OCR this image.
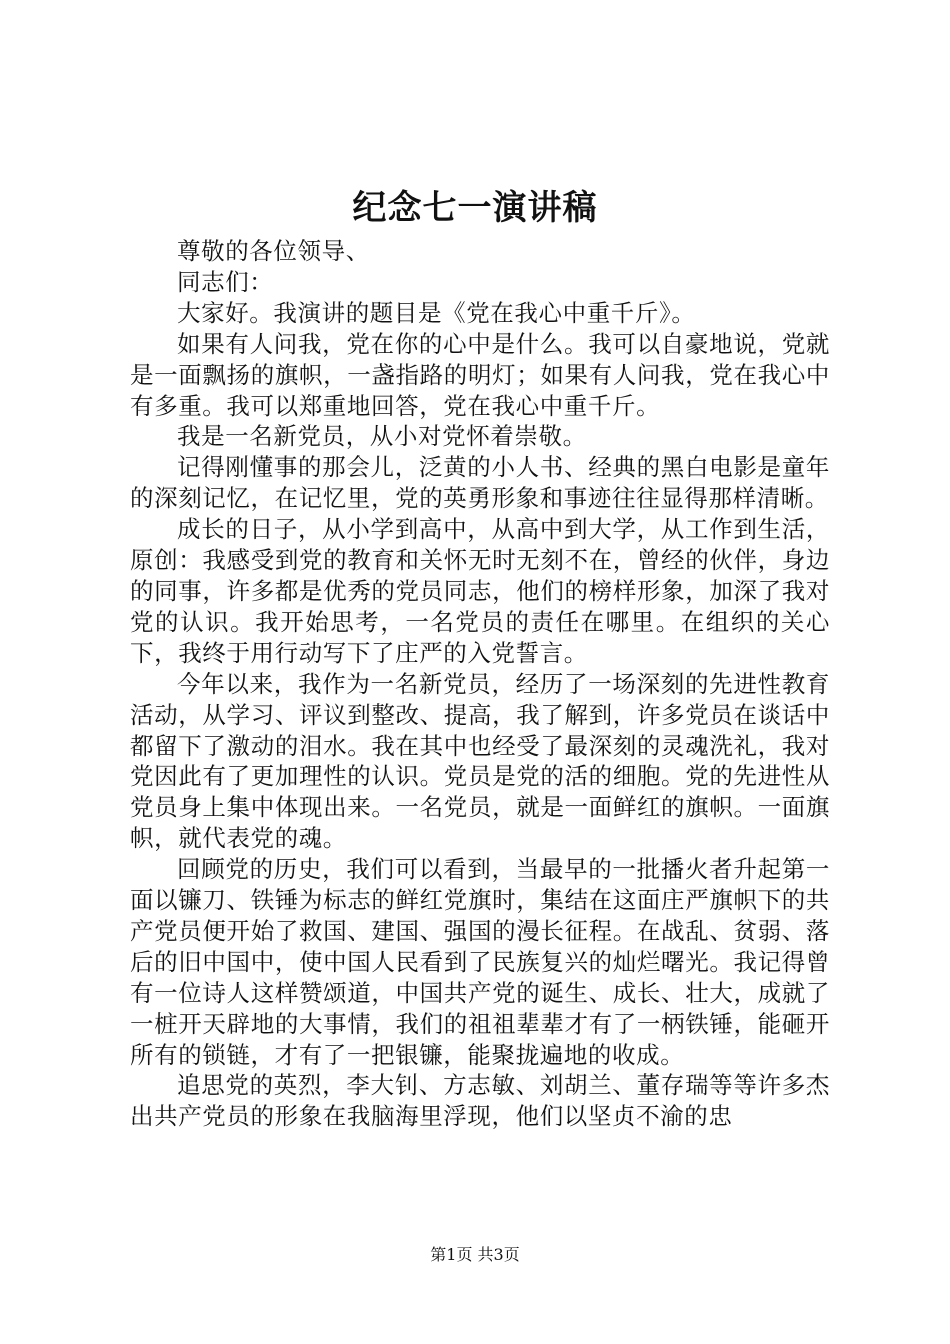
纪念七一演讲稿

尊敬的各位领导、

同志们：

大家好。我演讲的题目是《党在我心中重千斤》。

如果有人问我，党在你的心中是什么。我可以自豪地说，党就是一面飘扬的旗帜，一盏指路的明灯；如果有人问我，党在我心中有多重。我可以郑重地回答，党在我心中重千斤。

我是一名新党员，从小对党怀着崇敬。

记得刚懂事的那会儿，泛黄的小人书、经典的黑白电影是童年的深刻记忆，在记忆里，党的英勇形象和事迹往往显得那样清晰。

成长的日子，从小学到高中，从高中到大学，从工作到生活，原创：我感受到党的教育和关怀无时无刻不在，曾经的伙伴，身边的同事，许多都是优秀的党员同志，他们的榜样形象，加深了我对党的认识。我开始思考，一名党员的责任在哪里。在组织的关心下，我终于用行动写下了庄严的入党誓言。

今年以来，我作为一名新党员，经历了一场深刻的先进性教育活动，从学习、评议到整改、提高，我了解到，许多党员在谈话中都留下了激动的泪水。我在其中也经受了最深刻的灵魂洗礼，我对党因此有了更加理性的认识。党员是党的活的细胞。党的先进性从党员身上集中体现出来。一名党员，就是一面鲜红的旗帜。一面旗帜，就代表党的魂。

回顾党的历史，我们可以看到，当最早的一批播火者升起第一面以镰刀、铁锤为标志的鲜红党旗时，集结在这面庄严旗帜下的共产党员便开始了救国、建国、强国的漫长征程。在战乱、贫弱、落后的旧中国中，使中国人民看到了民族复兴的灿烂曙光。我记得曾有一位诗人这样赞颂道，中国共产党的诞生、成长、壮大，成就了一桩开天辟地的大事情，我们的祖祖辈辈才有了一柄铁锤，能砸开所有的锁链，才有了一把银镰，能聚拢遍地的收成。

追思党的英烈，李大钊、方志敏、刘胡兰、董存瑞等等许多杰出共产党员的形象在我脑海里浮现，他们以坚贞不渝的忠

第1页 共3页
